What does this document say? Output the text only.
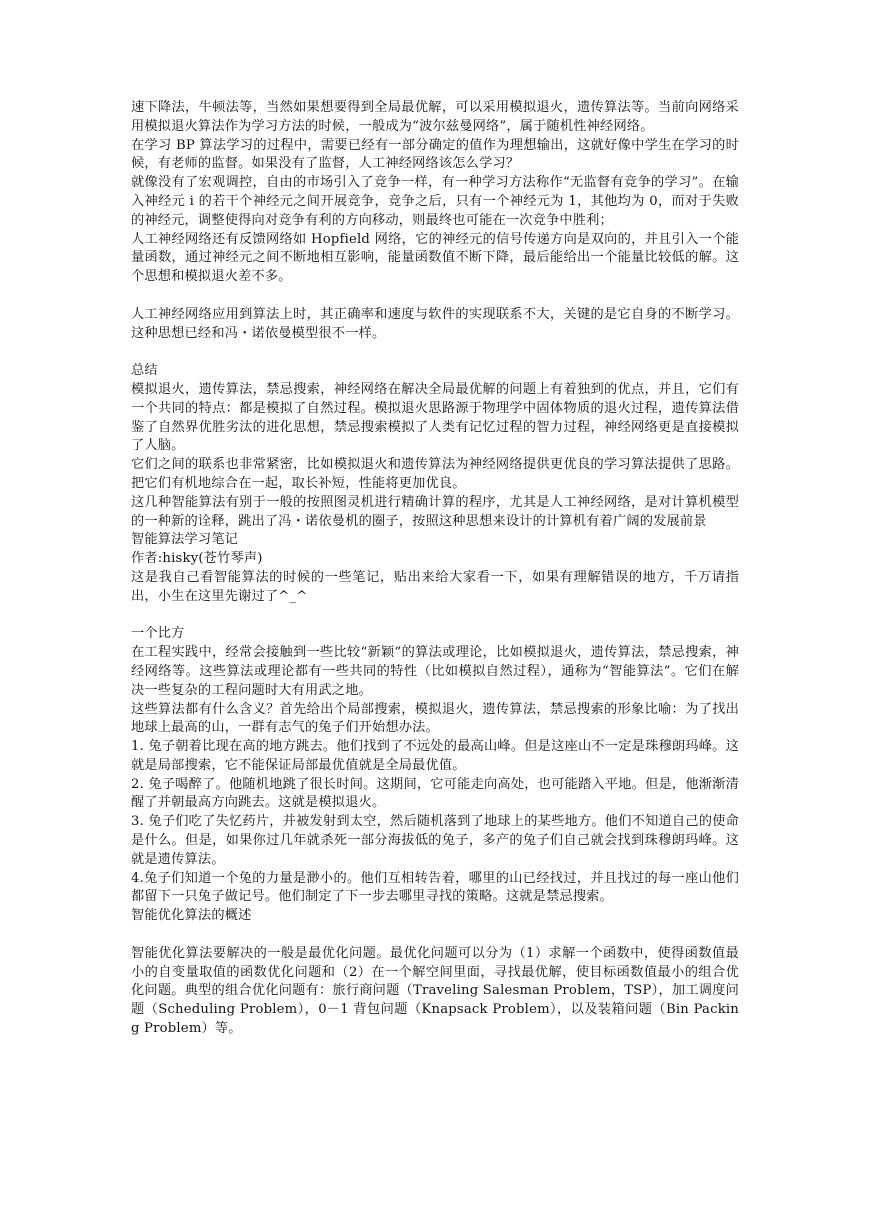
速下降法，牛顿法等，当然如果想要得到全局最优解，可以采用模拟退火，遗传算法等。当前向网络采用模拟退火算法作为学习方法的时候，一般成为“波尔兹曼网络”，属于随机性神经网络。

在学习 BP 算法学习的过程中，需要已经有一部分确定的值作为理想输出，这就好像中学生在学习的时候，有老师的监督。如果没有了监督，人工神经网络该怎么学习？

就像没有了宏观调控，自由的市场引入了竞争一样，有一种学习方法称作“无监督有竞争的学习”。在输入神经元 i 的若干个神经元之间开展竞争，竞争之后，只有一个神经元为 1，其他均为 0，而对于失败的神经元，调整使得向对竞争有利的方向移动，则最终也可能在一次竞争中胜利；

人工神经网络还有反馈网络如 Hopfield 网络，它的神经元的信号传递方向是双向的，并且引入一个能量函数，通过神经元之间不断地相互影响，能量函数值不断下降，最后能给出一个能量比较低的解。这个思想和模拟退火差不多。

人工神经网络应用到算法上时，其正确率和速度与软件的实现联系不大，关键的是它自身的不断学习。这种思想已经和冯・诺依曼模型很不一样。

总结

模拟退火，遗传算法，禁忌搜索，神经网络在解决全局最优解的问题上有着独到的优点，并且，它们有一个共同的特点：都是模拟了自然过程。模拟退火思路源于物理学中固体物质的退火过程，遗传算法借鉴了自然界优胜劣汰的进化思想，禁忌搜索模拟了人类有记忆过程的智力过程，神经网络更是直接模拟了人脑。

它们之间的联系也非常紧密，比如模拟退火和遗传算法为神经网络提供更优良的学习算法提供了思路。把它们有机地综合在一起，取长补短，性能将更加优良。

这几种智能算法有别于一般的按照图灵机进行精确计算的程序，尤其是人工神经网络，是对计算机模型的一种新的诠释，跳出了冯・诺依曼机的圈子，按照这种思想来设计的计算机有着广阔的发展前景

智能算法学习笔记

作者:hisky(苍竹琴声)

这是我自己看智能算法的时候的一些笔记，贴出来给大家看一下，如果有理解错误的地方，千万请指出，小生在这里先谢过了^_^

一个比方

在工程实践中，经常会接触到一些比较“新颖”的算法或理论，比如模拟退火，遗传算法，禁忌搜索，神经网络等。这些算法或理论都有一些共同的特性（比如模拟自然过程），通称为“智能算法”。它们在解决一些复杂的工程问题时大有用武之地。

这些算法都有什么含义？首先给出个局部搜索，模拟退火，遗传算法，禁忌搜索的形象比喻：为了找出地球上最高的山，一群有志气的兔子们开始想办法。

1. 兔子朝着比现在高的地方跳去。他们找到了不远处的最高山峰。但是这座山不一定是珠穆朗玛峰。这就是局部搜索，它不能保证局部最优值就是全局最优值。

2. 兔子喝醉了。他随机地跳了很长时间。这期间，它可能走向高处，也可能踏入平地。但是，他渐渐清醒了并朝最高方向跳去。这就是模拟退火。

3. 兔子们吃了失忆药片，并被发射到太空，然后随机落到了地球上的某些地方。他们不知道自己的使命是什么。但是，如果你过几年就杀死一部分海拔低的兔子，多产的兔子们自己就会找到珠穆朗玛峰。这就是遗传算法。

4.兔子们知道一个兔的力量是渺小的。他们互相转告着，哪里的山已经找过，并且找过的每一座山他们都留下一只兔子做记号。他们制定了下一步去哪里寻找的策略。这就是禁忌搜索。

智能优化算法的概述

智能优化算法要解决的一般是最优化问题。最优化问题可以分为（1）求解一个函数中，使得函数值最小的自变量取值的函数优化问题和（2）在一个解空间里面，寻找最优解，使目标函数值最小的组合优化问题。典型的组合优化问题有：旅行商问题（Traveling Salesman Problem，TSP），加工调度问题（Scheduling Problem），0－1 背包问题（Knapsack Problem），以及装箱问题（Bin Packing Problem）等。
